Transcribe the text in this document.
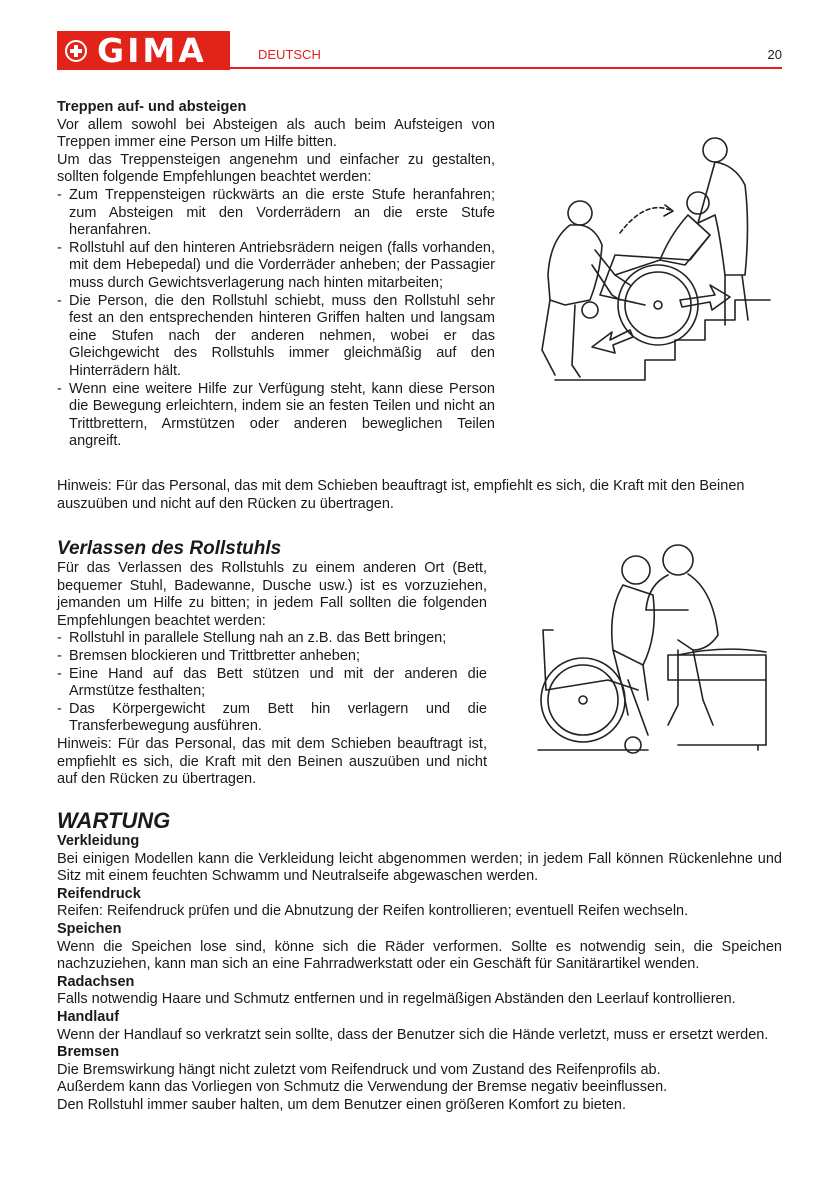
GIMA	DEUTSCH	20

Treppen auf- und absteigen

Vor allem sowohl bei Absteigen als auch beim Aufsteigen von Treppen immer eine Person um Hilfe bitten.

Um das Treppensteigen angenehm und einfacher zu gestalten, sollten folgende Empfehlungen beachtet werden:

- Zum Treppensteigen rückwärts an die erste Stufe heranfahren; zum Absteigen mit den Vorderrädern an die erste Stufe heranfahren.
- Rollstuhl auf den hinteren Antriebsrädern neigen (falls vorhanden, mit dem Hebepedal) und die Vorderräder anheben; der Passagier muss durch Gewichtsverlagerung nach hinten mitarbeiten;
- Die Person, die den Rollstuhl schiebt, muss den Rollstuhl sehr fest an den entsprechenden hinteren Griffen halten und langsam eine Stufen nach der anderen nehmen, wobei er das Gleichgewicht des Rollstuhls immer gleichmäßig auf den Hinterrädern hält.
- Wenn eine weitere Hilfe zur Verfügung steht, kann diese Person die Bewegung erleichtern, indem sie an festen Teilen und nicht an Trittbrettern, Armstützen oder anderen beweglichen Teilen angreift.

Hinweis: Für das Personal, das mit dem Schieben beauftragt ist, empfiehlt es sich, die Kraft mit den Beinen auszuüben und nicht auf den Rücken zu übertragen.

Verlassen des Rollstuhls

Für das Verlassen des Rollstuhls zu einem anderen Ort (Bett, bequemer Stuhl, Badewanne, Dusche usw.) ist es vorzuziehen, jemanden um Hilfe zu bitten; in jedem Fall sollten die folgenden Empfehlungen beachtet werden:

- Rollstuhl in parallele Stellung nah an z.B. das Bett bringen;
- Bremsen blockieren und Trittbretter anheben;
- Eine Hand auf das Bett stützen und mit der anderen die Armstütze festhalten;
- Das Körpergewicht zum Bett hin verlagern und die Transferbewegung ausführen.

Hinweis: Für das Personal, das mit dem Schieben beauftragt ist, empfiehlt es sich, die Kraft mit den Beinen auszuüben und nicht auf den Rücken zu übertragen.

WARTUNG

Verkleidung

Bei einigen Modellen kann die Verkleidung leicht abgenommen werden; in jedem Fall können Rückenlehne und Sitz mit einem feuchten Schwamm und Neutralseife abgewaschen werden.

Reifendruck

Reifen: Reifendruck prüfen und die Abnutzung der Reifen kontrollieren; eventuell Reifen wechseln.

Speichen

Wenn die Speichen lose sind, könne sich die Räder verformen. Sollte es notwendig sein, die Speichen nachzuziehen, kann man sich an eine Fahrradwerkstatt oder ein Geschäft für Sanitärartikel wenden.

Radachsen

Falls notwendig Haare und Schmutz entfernen und in regelmäßigen Abständen den Leerlauf kontrollieren.

Handlauf

Wenn der Handlauf so verkratzt sein sollte, dass der Benutzer sich die Hände verletzt, muss er ersetzt werden.

Bremsen

Die Bremswirkung hängt nicht zuletzt vom Reifendruck und vom Zustand des Reifenprofils ab.

Außerdem kann das Vorliegen von Schmutz die Verwendung der Bremse negativ beeinflussen.

Den Rollstuhl immer sauber halten, um dem Benutzer einen größeren Komfort zu bieten.
